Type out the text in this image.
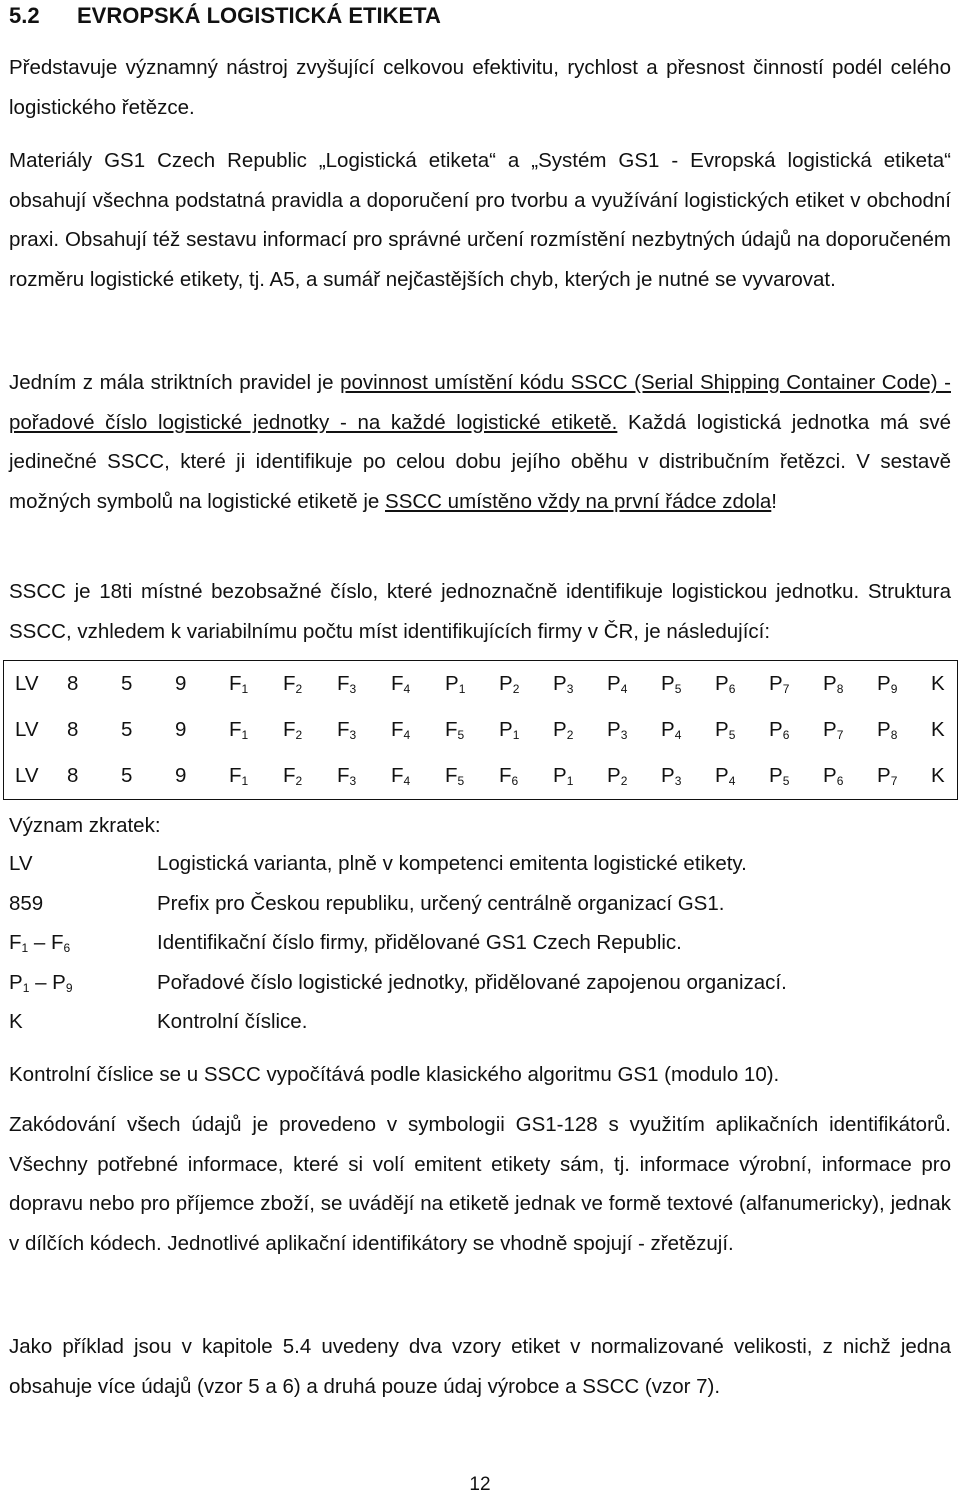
5.2 EVROPSKÁ LOGISTICKÁ ETIKETA

Představuje významný nástroj zvyšující celkovou efektivitu, rychlost a přesnost činností podél celého logistického řetězce.

Materiály GS1 Czech Republic „Logistická etiketa“ a „Systém GS1 - Evropská logistická etiketa“ obsahují všechna podstatná pravidla a doporučení pro tvorbu a využívání logistických etiket v obchodní praxi. Obsahují též sestavu informací pro správné určení rozmístění nezbytných údajů na doporučeném rozměru logistické etikety, tj. A5, a sumář nejčastějších chyb, kterých je nutné se vyvarovat.

Jedním z mála striktních pravidel je povinnost umístění kódu SSCC (Serial Shipping Container Code) - pořadové číslo logistické jednotky - na každé logistické etiketě. Každá logistická jednotka má své jedinečné SSCC, které ji identifikuje po celou dobu jejího oběhu v distribučním řetězci. V sestavě možných symbolů na logistické etiketě je SSCC umístěno vždy na první řádce zdola!

SSCC je 18ti místné bezobsažné číslo, které jednoznačně identifikuje logistickou jednotku. Struktura SSCC, vzhledem k variabilnímu počtu míst identifikujících firmy v ČR, je následující:

LV	8	5	9	$F_1$	$F_2$	$F_3$	$F_4$	$P_1$	$P_2$	$P_3$	$P_4$	$P_5$	$P_6$	$P_7$	$P_8$	$P_9$	K
LV	8	5	9	$F_1$	$F_2$	$F_3$	$F_4$	$F_5$	$P_1$	$P_2$	$P_3$	$P_4$	$P_5$	$P_6$	$P_7$	$P_8$	K
LV	8	5	9	$F_1$	$F_2$	$F_3$	$F_4$	$F_5$	$F_6$	$P_1$	$P_2$	$P_3$	$P_4$	$P_5$	$P_6$	$P_7$	K

Význam zkratek:

LV	Logistická varianta, plně v kompetenci emitenta logistické etikety.
859	Prefix pro Českou republiku, určený centrálně organizací GS1.
$F_1 - F_6$	Identifikační číslo firmy, přidělované GS1 Czech Republic.
$P_1 - P_9$	Pořadové číslo logistické jednotky, přidělované zapojenou organizací.
K	Kontrolní číslice.

Kontrolní číslice se u SSCC vypočítává podle klasického algoritmu GS1 (modulo 10).

Zakódování všech údajů je provedeno v symbologii GS1-128 s využitím aplikačních identifikátorů. Všechny potřebné informace, které si volí emitent etikety sám, tj. informace výrobní, informace pro dopravu nebo pro příjemce zboží, se uvádějí na etiketě jednak ve formě textové (alfanumericky), jednak v dílčích kódech. Jednotlivé aplikační identifikátory se vhodně spojují - zřetězují.

Jako příklad jsou v kapitole 5.4 uvedeny dva vzory etiket v normalizované velikosti, z nichž jedna obsahuje více údajů (vzor 5 a 6) a druhá pouze údaj výrobce a SSCC (vzor 7).

12
